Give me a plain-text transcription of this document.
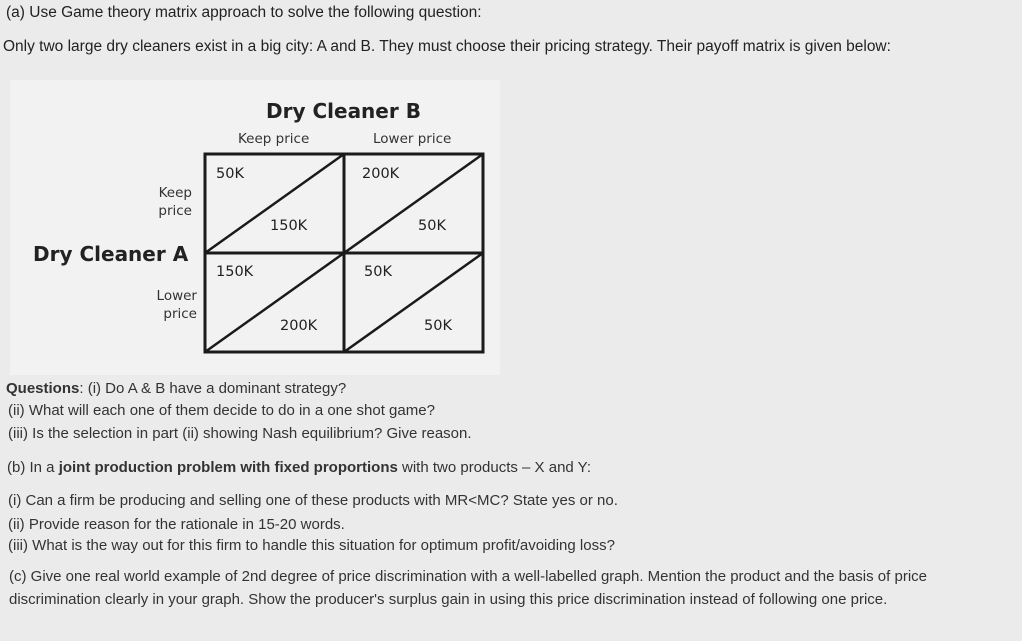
(a) Use Game theory matrix approach to solve the following question:
Only two large dry cleaners exist in a big city: A and B. They must choose their pricing strategy. Their payoff matrix is given below:
Dry Cleaner B
Keep price	Lower price
Dry Cleaner A
Keep price
Lower price
50K
150K
200K
50K
150K
200K
50K
50K
Questions: (i) Do A & B have a dominant strategy?
(ii) What will each one of them decide to do in a one shot game?
(iii) Is the selection in part (ii) showing Nash equilibrium? Give reason.
(b) In a joint production problem with fixed proportions with two products – X and Y:
(i) Can a firm be producing and selling one of these products with MR<MC? State yes or no.
(ii) Provide reason for the rationale in 15-20 words.
(iii) What is the way out for this firm to handle this situation for optimum profit/avoiding loss?
(c) Give one real world example of 2nd degree of price discrimination with a well-labelled graph. Mention the product and the basis of price
discrimination clearly in your graph. Show the producer's surplus gain in using this price discrimination instead of following one price.
